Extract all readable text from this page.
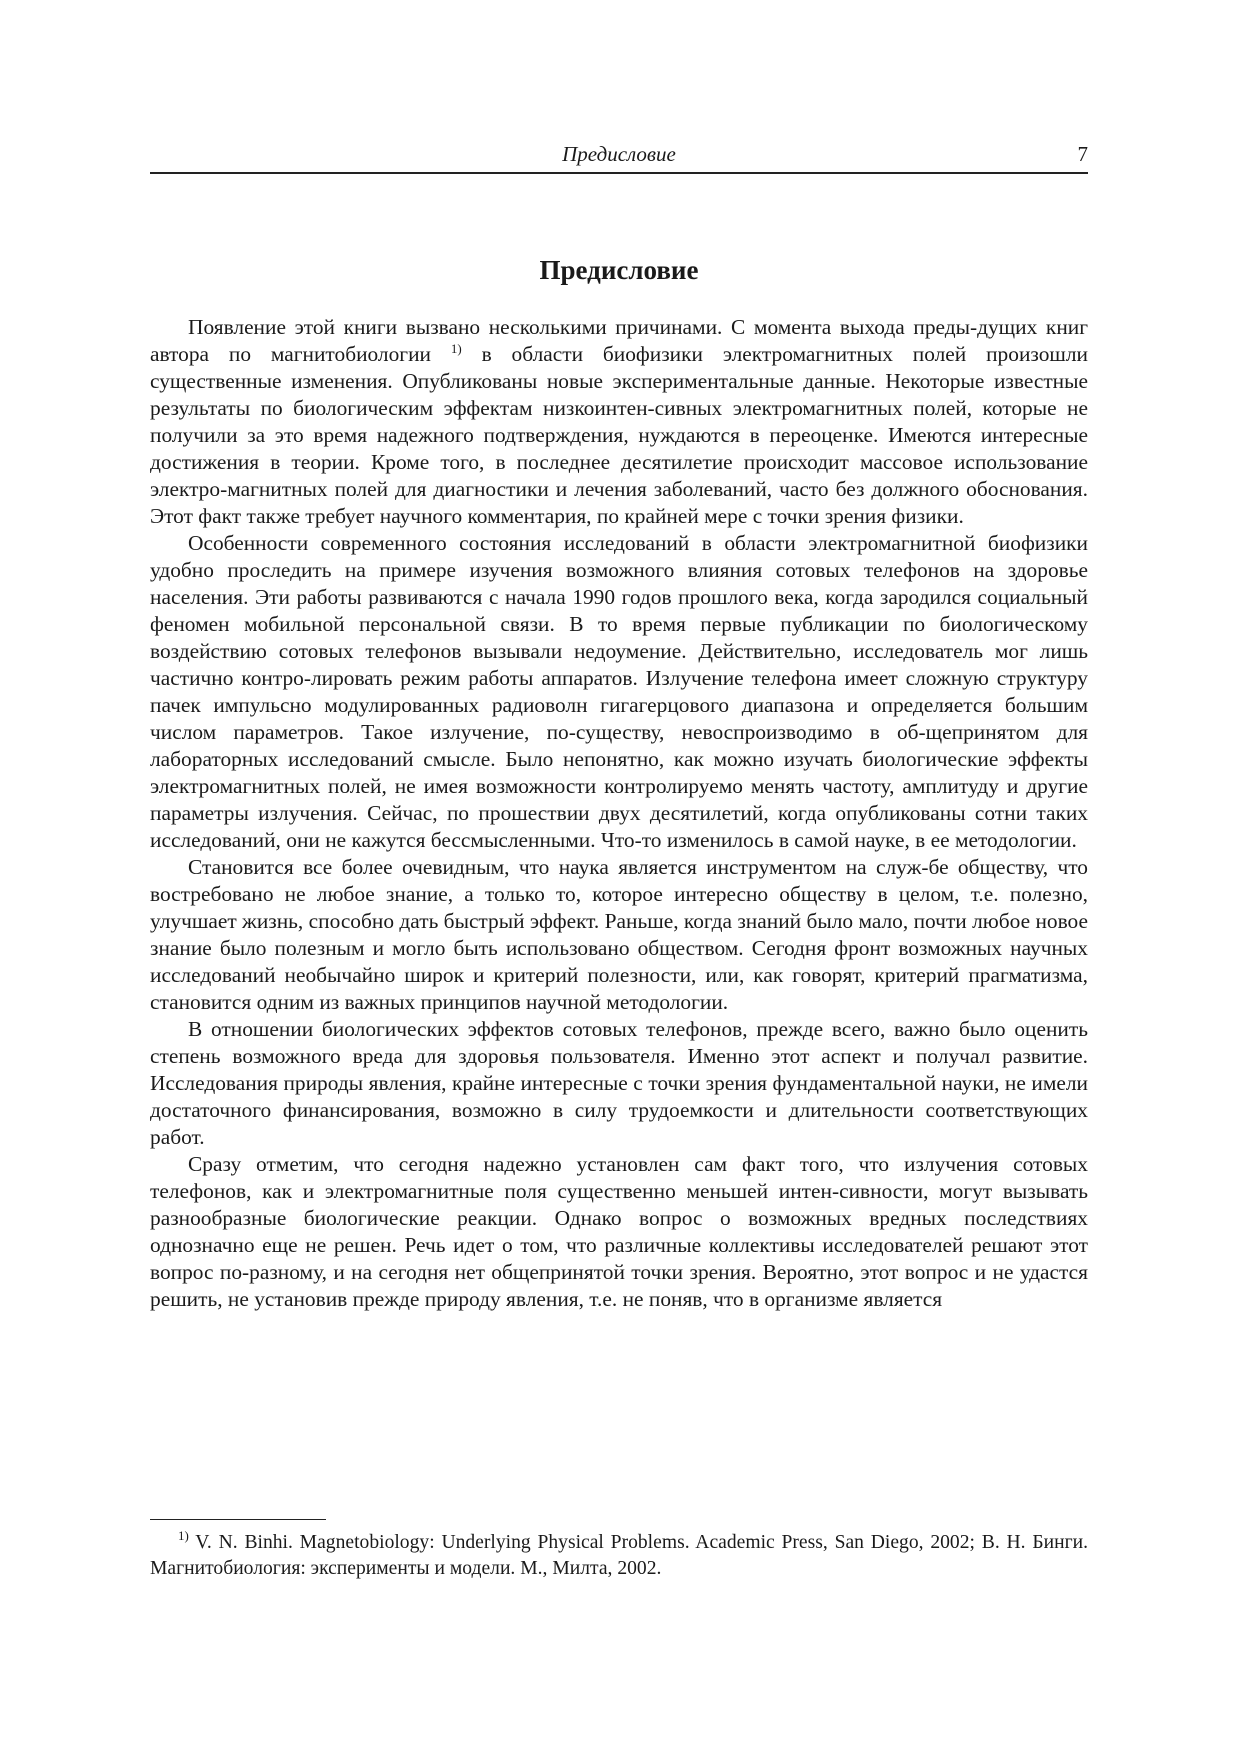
Предисловие	7
Предисловие

Появление этой книги вызвано несколькими причинами. С момента выхода преды-дущих книг автора по магнитобиологии $^{1)}$ в области биофизики электромагнитных полей произошли существенные изменения. Опубликованы новые экспериментальные данные. Некоторые известные результаты по биологическим эффектам низкоинтен-сивных электромагнитных полей, которые не получили за это время надежного подтверждения, нуждаются в переоценке. Имеются интересные достижения в теории. Кроме того, в последнее десятилетие происходит массовое использование электро-магнитных полей для диагностики и лечения заболеваний, часто без должного обоснования. Этот факт также требует научного комментария, по крайней мере с точки зрения физики.

Особенности современного состояния исследований в области электромагнитной биофизики удобно проследить на примере изучения возможного влияния сотовых телефонов на здоровье населения. Эти работы развиваются с начала 1990 годов прошлого века, когда зародился социальный феномен мобильной персональной связи. В то время первые публикации по биологическому воздействию сотовых телефонов вызывали недоумение. Действительно, исследователь мог лишь частично контро-лировать режим работы аппаратов. Излучение телефона имеет сложную структуру пачек импульсно модулированных радиоволн гигагерцового диапазона и определяется большим числом параметров. Такое излучение, по-существу, невоспроизводимо в об-щепринятом для лабораторных исследований смысле. Было непонятно, как можно изучать биологические эффекты электромагнитных полей, не имея возможности контролируемо менять частоту, амплитуду и другие параметры излучения. Сейчас, по прошествии двух десятилетий, когда опубликованы сотни таких исследований, они не кажутся бессмысленными. Что-то изменилось в самой науке, в ее методологии.

Становится все более очевидным, что наука является инструментом на служ-бе обществу, что востребовано не любое знание, а только то, которое интересно обществу в целом, т.е. полезно, улучшает жизнь, способно дать быстрый эффект. Раньше, когда знаний было мало, почти любое новое знание было полезным и могло быть использовано обществом. Сегодня фронт возможных научных исследований необычайно широк и критерий полезности, или, как говорят, критерий прагматизма, становится одним из важных принципов научной методологии.

В отношении биологических эффектов сотовых телефонов, прежде всего, важно было оценить степень возможного вреда для здоровья пользователя. Именно этот аспект и получал развитие. Исследования природы явления, крайне интересные с точки зрения фундаментальной науки, не имели достаточного финансирования, возможно в силу трудоемкости и длительности соответствующих работ.

Сразу отметим, что сегодня надежно установлен сам факт того, что излучения сотовых телефонов, как и электромагнитные поля существенно меньшей интен-сивности, могут вызывать разнообразные биологические реакции. Однако вопрос о возможных вредных последствиях однозначно еще не решен. Речь идет о том, что различные коллективы исследователей решают этот вопрос по-разному, и на сегодня нет общепринятой точки зрения. Вероятно, этот вопрос и не удастся решить, не установив прежде природу явления, т.е. не поняв, что в организме является

$^{1)}$ V. N. Binhi. Magnetobiology: Underlying Physical Problems. Academic Press, San Diego, 2002; В. Н. Бинги. Магнитобиология: эксперименты и модели. М., Милта, 2002.
